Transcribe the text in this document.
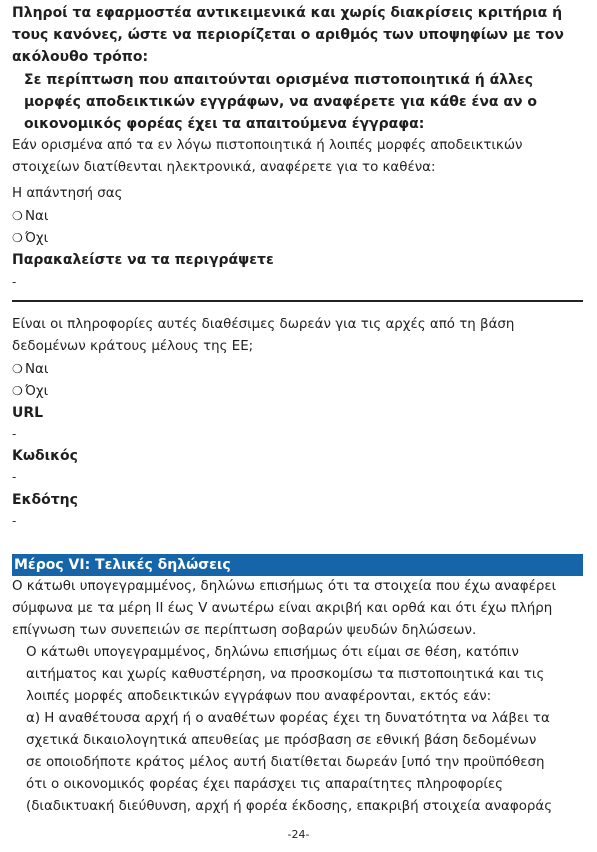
Πληροί τα εφαρμοστέα αντικειμενικά και χωρίς διακρίσεις κριτήρια ή
τους κανόνες, ώστε να περιορίζεται ο αριθμός των υποψηφίων με τον
ακόλουθο τρόπο:
Σε περίπτωση που απαιτούνται ορισμένα πιστοποιητικά ή άλλες
μορφές αποδεικτικών εγγράφων, να αναφέρετε για κάθε ένα αν ο
οικονομικός φορέας έχει τα απαιτούμενα έγγραφα:
Εάν ορισμένα από τα εν λόγω πιστοποιητικά ή λοιπές μορφές αποδεικτικών
στοιχείων διατίθενται ηλεκτρονικά, αναφέρετε για το καθένα:
Η απάντησή σας
❍ Ναι
❍ Όχι
Παρακαλείστε να τα περιγράψετε
-
Είναι οι πληροφορίες αυτές διαθέσιμες δωρεάν για τις αρχές από τη βάση
δεδομένων κράτους μέλους της ΕΕ;
❍ Ναι
❍ Όχι
URL
-
Κωδικός
-
Εκδότης
-
Μέρος VI: Τελικές δηλώσεις
Ο κάτωθι υπογεγραμμένος, δηλώνω επισήμως ότι τα στοιχεία που έχω αναφέρει
σύμφωνα με τα μέρη II έως V ανωτέρω είναι ακριβή και ορθά και ότι έχω πλήρη
επίγνωση των συνεπειών σε περίπτωση σοβαρών ψευδών δηλώσεων.
Ο κάτωθι υπογεγραμμένος, δηλώνω επισήμως ότι είμαι σε θέση, κατόπιν
αιτήματος και χωρίς καθυστέρηση, να προσκομίσω τα πιστοποιητικά και τις
λοιπές μορφές αποδεικτικών εγγράφων που αναφέρονται, εκτός εάν:
α) Η αναθέτουσα αρχή ή ο αναθέτων φορέας έχει τη δυνατότητα να λάβει τα
σχετικά δικαιολογητικά απευθείας με πρόσβαση σε εθνική βάση δεδομένων
σε οποιοδήποτε κράτος μέλος αυτή διατίθεται δωρεάν [υπό την προϋπόθεση
ότι ο οικονομικός φορέας έχει παράσχει τις απαραίτητες πληροφορίες
(διαδικτυακή διεύθυνση, αρχή ή φορέα έκδοσης, επακριβή στοιχεία αναφοράς
-24-
